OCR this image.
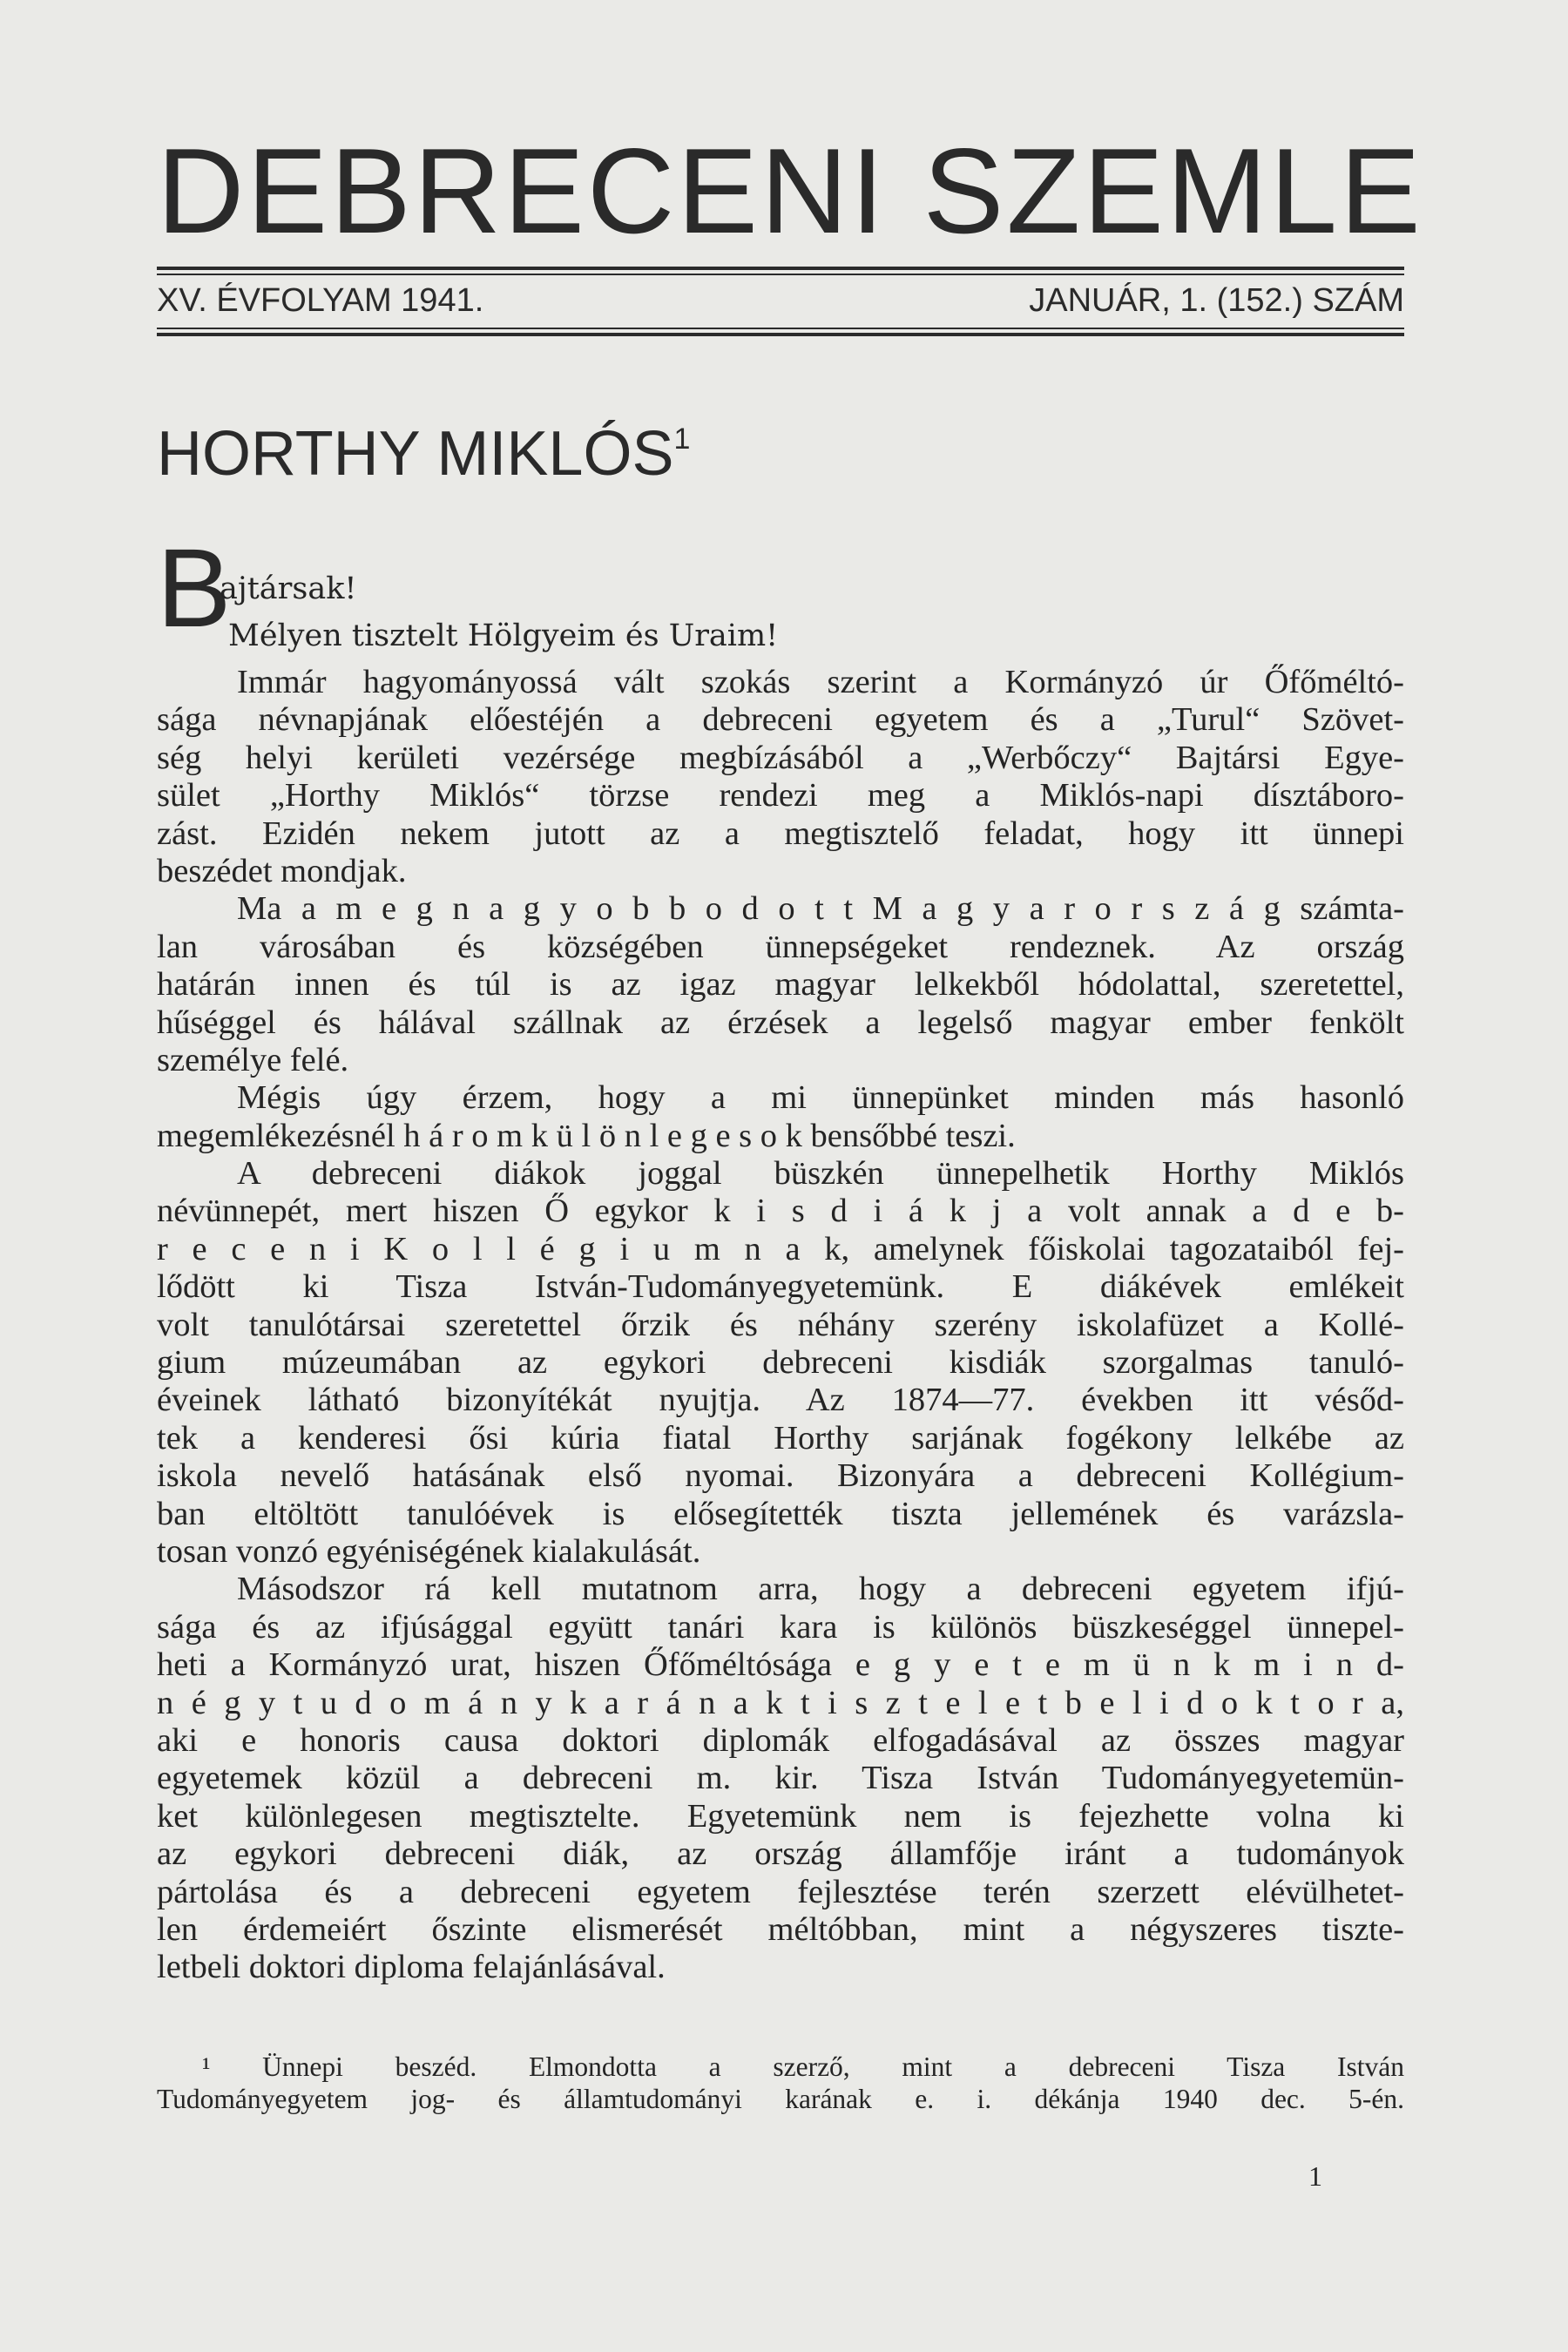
DEBRECENI SZEMLE
XV. ÉVFOLYAM 1941.	JANUÁR, 1. (152.) SZÁM
HORTHY MIKLÓS$^1$
B
ajtársak!
Mélyen tisztelt Hölgyeim és Uraim!
Immár hagyományossá vált szokás szerint a Kormányzó úr Őfőméltó-
sága névnapjának előestéjén a debreceni egyetem és a „Turul“ Szövet-
ség helyi kerületi vezérsége megbízásából a „Werbőczy“ Bajtársi Egye-
sület „Horthy Miklós“ törzse rendezi meg a Miklós-napi dísztáboro-
zást. Ezidén nekem jutott az a megtisztelő feladat, hogy itt ünnepi
beszédet mondjak.
Ma a m e g n a g y o b b o d o t t M a g y a r o r s z á g számta-
lan városában és községében ünnepségeket rendeznek. Az ország
határán innen és túl is az igaz magyar lelkekből hódolattal, szeretettel,
hűséggel és hálával szállnak az érzések a legelső magyar ember fenkölt
személye felé.
Mégis úgy érzem, hogy a mi ünnepünket minden más hasonló
megemlékezésnél h á r o m k ü l ö n l e g e s o k bensőbbé teszi.
A debreceni diákok joggal büszkén ünnepelhetik Horthy Miklós
névünnepét, mert hiszen Ő egykor k i s d i á k j a volt annak a d e b-
r e c e n i K o l l é g i u m n a k, amelynek főiskolai tagozataiból fej-
lődött ki Tisza István-Tudományegyetemünk. E diákévek emlékeit
volt tanulótársai szeretettel őrzik és néhány szerény iskolafüzet a Kollé-
gium múzeumában az egykori debreceni kisdiák szorgalmas tanuló-
éveinek látható bizonyítékát nyujtja. Az 1874—77. években itt vésőd-
tek a kenderesi ősi kúria fiatal Horthy sarjának fogékony lelkébe az
iskola nevelő hatásának első nyomai. Bizonyára a debreceni Kollégium-
ban eltöltött tanulóévek is elősegítették tiszta jellemének és varázsla-
tosan vonzó egyéniségének kialakulását.
Másodszor rá kell mutatnom arra, hogy a debreceni egyetem ifjú-
sága és az ifjúsággal együtt tanári kara is különös büszkeséggel ünnepel-
heti a Kormányzó urat, hiszen Őfőméltósága e g y e t e m ü n k m i n d-
n é g y t u d o m á n y k a r á n a k t i s z t e l e t b e l i d o k t o r a,
aki e honoris causa doktori diplomák elfogadásával az összes magyar
egyetemek közül a debreceni m. kir. Tisza István Tudományegyetemün-
ket különlegesen megtisztelte. Egyetemünk nem is fejezhette volna ki
az egykori debreceni diák, az ország államfője iránt a tudományok
pártolása és a debreceni egyetem fejlesztése terén szerzett elévülhetet-
len érdemeiért őszinte elismerését méltóbban, mint a négyszeres tiszte-
letbeli doktori diploma felajánlásával.
¹ Ünnepi beszéd. Elmondotta a szerző, mint a debreceni Tisza István
Tudományegyetem jog- és államtudományi karának e. i. dékánja 1940 dec. 5-én.
1
